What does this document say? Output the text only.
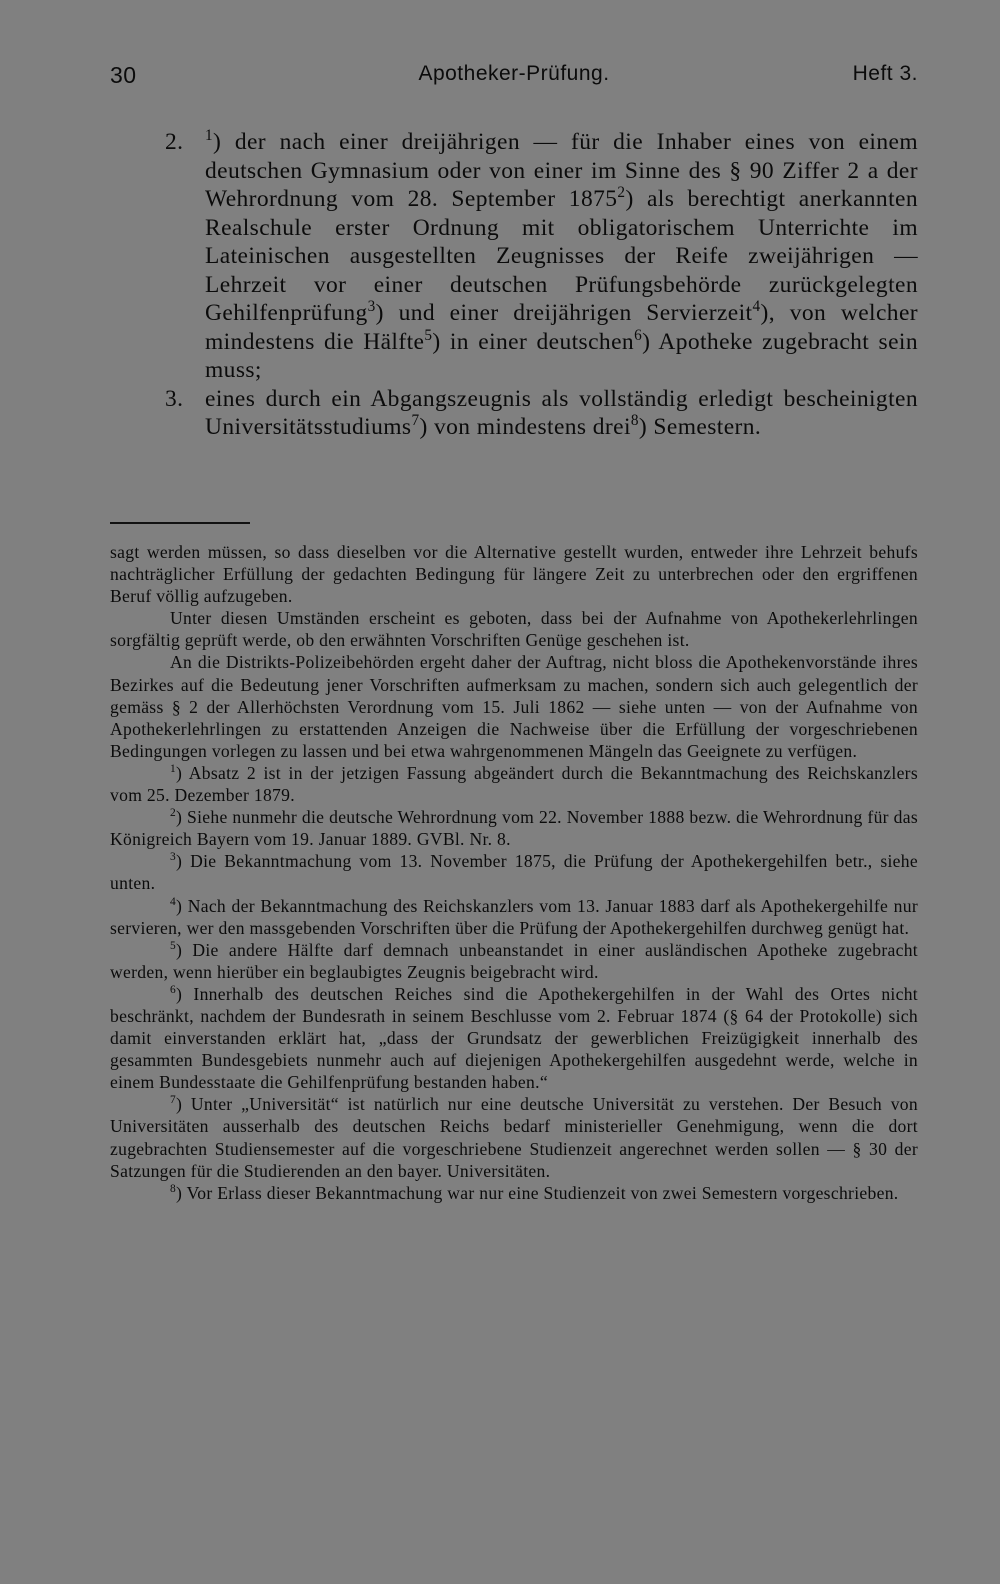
30	Apotheker-Prüfung.	Heft 3.
2. $^1$) der nach einer dreijährigen — für die Inhaber eines von einem deutschen Gymnasium oder von einer im Sinne des § 90 Ziffer 2 a der Wehrordnung vom 28. September 1875$^2$) als berechtigt anerkannten Realschule erster Ordnung mit obligatorischem Unterrichte im Lateinischen ausgestellten Zeugnisses der Reife zweijährigen — Lehrzeit vor einer deutschen Prüfungsbehörde zurückgelegten Gehilfenprüfung$^3$) und einer dreijährigen Servierzeit$^4$), von welcher mindestens die Hälfte$^5$) in einer deutschen$^6$) Apotheke zugebracht sein muss;
3. eines durch ein Abgangszeugnis als vollständig erledigt bescheinigten Universitätsstudiums$^7$) von mindestens drei$^8$) Semestern.

sagt werden müssen, so dass dieselben vor die Alternative gestellt wurden, entweder ihre Lehrzeit behufs nachträglicher Erfüllung der gedachten Bedingung für längere Zeit zu unterbrechen oder den ergriffenen Beruf völlig aufzugeben.

Unter diesen Umständen erscheint es geboten, dass bei der Aufnahme von Apothekerlehrlingen sorgfältig geprüft werde, ob den erwähnten Vorschriften Genüge geschehen ist.

An die Distrikts-Polizeibehörden ergeht daher der Auftrag, nicht bloss die Apothekenvorstände ihres Bezirkes auf die Bedeutung jener Vorschriften aufmerksam zu machen, sondern sich auch gelegentlich der gemäss § 2 der Allerhöchsten Verordnung vom 15. Juli 1862 — siehe unten — von der Aufnahme von Apothekerlehrlingen zu erstattenden Anzeigen die Nachweise über die Erfüllung der vorgeschriebenen Bedingungen vorlegen zu lassen und bei etwa wahrgenommenen Mängeln das Geeignete zu verfügen.

$^1$) Absatz 2 ist in der jetzigen Fassung abgeändert durch die Bekanntmachung des Reichskanzlers vom 25. Dezember 1879.

$^2$) Siehe nunmehr die deutsche Wehrordnung vom 22. November 1888 bezw. die Wehrordnung für das Königreich Bayern vom 19. Januar 1889. GVBl. Nr. 8.

$^3$) Die Bekanntmachung vom 13. November 1875, die Prüfung der Apothekergehilfen betr., siehe unten.

$^4$) Nach der Bekanntmachung des Reichskanzlers vom 13. Januar 1883 darf als Apothekergehilfe nur servieren, wer den massgebenden Vorschriften über die Prüfung der Apothekergehilfen durchweg genügt hat.

$^5$) Die andere Hälfte darf demnach unbeanstandet in einer ausländischen Apotheke zugebracht werden, wenn hierüber ein beglaubigtes Zeugnis beigebracht wird.

$^6$) Innerhalb des deutschen Reiches sind die Apothekergehilfen in der Wahl des Ortes nicht beschränkt, nachdem der Bundesrath in seinem Beschlusse vom 2. Februar 1874 (§ 64 der Protokolle) sich damit einverstanden erklärt hat, „dass der Grundsatz der gewerblichen Freizügigkeit innerhalb des gesammten Bundesgebiets nunmehr auch auf diejenigen Apothekergehilfen ausgedehnt werde, welche in einem Bundesstaate die Gehilfenprüfung bestanden haben.“

$^7$) Unter „Universität“ ist natürlich nur eine deutsche Universität zu verstehen. Der Besuch von Universitäten ausserhalb des deutschen Reichs bedarf ministerieller Genehmigung, wenn die dort zugebrachten Studiensemester auf die vorgeschriebene Studienzeit angerechnet werden sollen — § 30 der Satzungen für die Studierenden an den bayer. Universitäten.

$^8$) Vor Erlass dieser Bekanntmachung war nur eine Studienzeit von zwei Semestern vorgeschrieben.
